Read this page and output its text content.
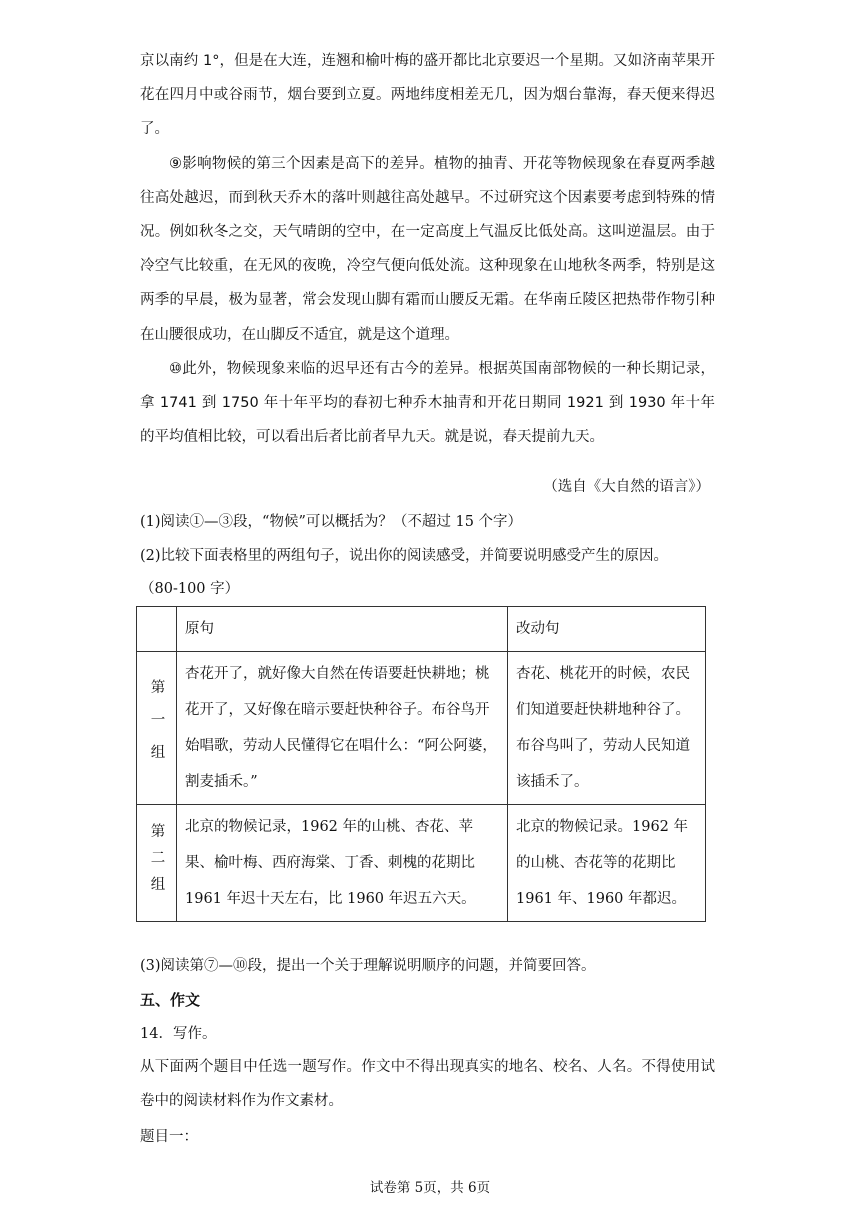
京以南约 1°，但是在大连，连翘和榆叶梅的盛开都比北京要迟一个星期。又如济南苹果开花在四月中或谷雨节，烟台要到立夏。两地纬度相差无几，因为烟台靠海，春天便来得迟了。

⑨影响物候的第三个因素是高下的差异。植物的抽青、开花等物候现象在春夏两季越往高处越迟，而到秋天乔木的落叶则越往高处越早。不过研究这个因素要考虑到特殊的情况。例如秋冬之交，天气晴朗的空中，在一定高度上气温反比低处高。这叫逆温层。由于冷空气比较重，在无风的夜晚，冷空气便向低处流。这种现象在山地秋冬两季，特别是这两季的早晨，极为显著，常会发现山脚有霜而山腰反无霜。在华南丘陵区把热带作物引种在山腰很成功，在山脚反不适宜，就是这个道理。

⑩此外，物候现象来临的迟早还有古今的差异。根据英国南部物候的一种长期记录，拿 1741 到 1750 年十年平均的春初七种乔木抽青和开花日期同 1921 到 1930 年十年的平均值相比较，可以看出后者比前者早九天。就是说，春天提前九天。

（选自《大自然的语言》）
(1)阅读①—③段，“物候”可以概括为？（不超过 15 个字）
(2)比较下面表格里的两组句子，说出你的阅读感受，并简要说明感受产生的原因。
（80-100 字）
	原句	改动句
第一组	杏花开了，就好像大自然在传语要赶快耕地；桃花开了，又好像在暗示要赶快种谷子。布谷鸟开始唱歌，劳动人民懂得它在唱什么：“阿公阿婆，割麦插禾。”	杏花、桃花开的时候，农民们知道要赶快耕地种谷了。布谷鸟叫了，劳动人民知道该插禾了。
第二组	北京的物候记录，1962 年的山桃、杏花、苹果、榆叶梅、西府海棠、丁香、刺槐的花期比 1961 年迟十天左右，比 1960 年迟五六天。	北京的物候记录。1962 年的山桃、杏花等的花期比 1961 年、1960 年都迟。
(3)阅读第⑦—⑩段，提出一个关于理解说明顺序的问题，并简要回答。
五、作文
14．写作。
从下面两个题目中任选一题写作。作文中不得出现真实的地名、校名、人名。不得使用试卷中的阅读材料作为作文素材。
题目一：
试卷第 5页，共 6页
